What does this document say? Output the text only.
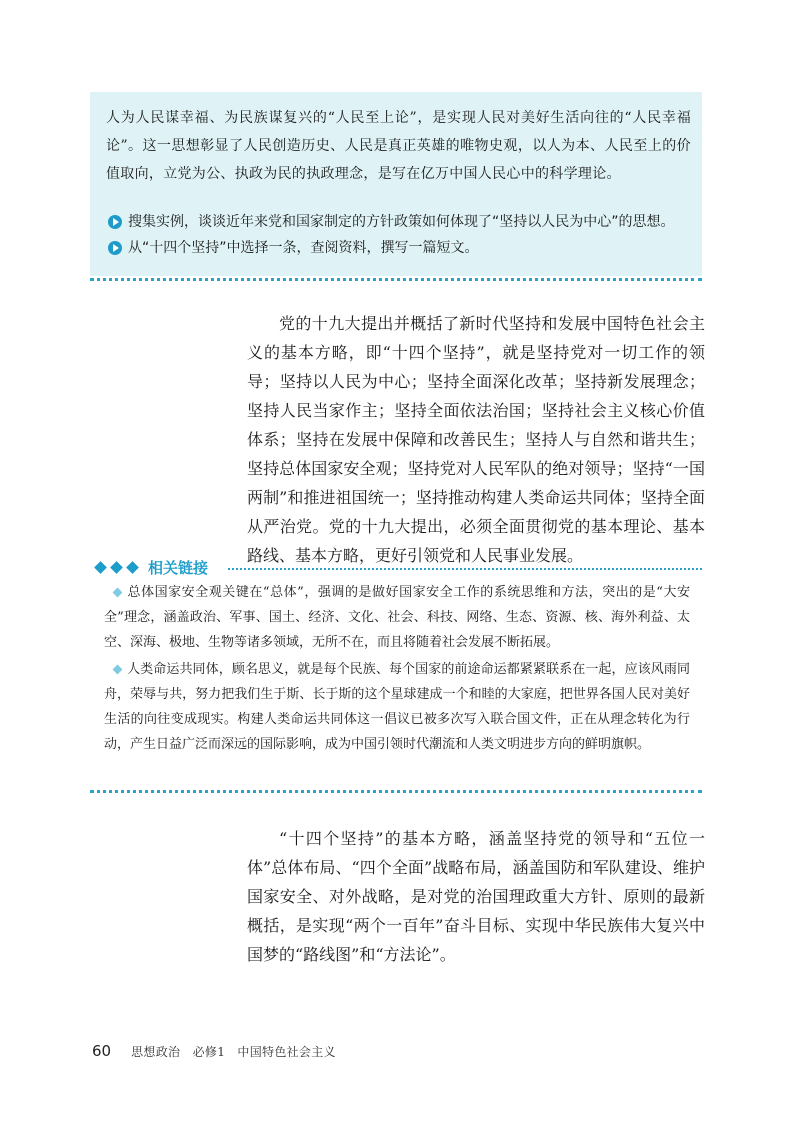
人为人民谋幸福、为民族谋复兴的“人民至上论”，是实现人民对美好生活向往的“人民幸福论”。这一思想彰显了人民创造历史、人民是真正英雄的唯物史观，以人为本、人民至上的价值取向，立党为公、执政为民的执政理念，是写在亿万中国人民心中的科学理论。
搜集实例，谈谈近年来党和国家制定的方针政策如何体现了“坚持以人民为中心”的思想。
从“十四个坚持”中选择一条，查阅资料，撰写一篇短文。

党的十九大提出并概括了新时代坚持和发展中国特色社会主义的基本方略，即“十四个坚持”，就是坚持党对一切工作的领导；坚持以人民为中心；坚持全面深化改革；坚持新发展理念；坚持人民当家作主；坚持全面依法治国；坚持社会主义核心价值体系；坚持在发展中保障和改善民生；坚持人与自然和谐共生；坚持总体国家安全观；坚持党对人民军队的绝对领导；坚持“一国两制”和推进祖国统一；坚持推动构建人类命运共同体；坚持全面从严治党。党的十九大提出，必须全面贯彻党的基本理论、基本路线、基本方略，更好引领党和人民事业发展。

相关链接

总体国家安全观关键在“总体”，强调的是做好国家安全工作的系统思维和方法，突出的是“大安全”理念，涵盖政治、军事、国土、经济、文化、社会、科技、网络、生态、资源、核、海外利益、太空、深海、极地、生物等诸多领域，无所不在，而且将随着社会发展不断拓展。

人类命运共同体，顾名思义，就是每个民族、每个国家的前途命运都紧紧联系在一起，应该风雨同舟，荣辱与共，努力把我们生于斯、长于斯的这个星球建成一个和睦的大家庭，把世界各国人民对美好生活的向往变成现实。构建人类命运共同体这一倡议已被多次写入联合国文件，正在从理念转化为行动，产生日益广泛而深远的国际影响，成为中国引领时代潮流和人类文明进步方向的鲜明旗帜。

“十四个坚持”的基本方略，涵盖坚持党的领导和“五位一体”总体布局、“四个全面”战略布局，涵盖国防和军队建设、维护国家安全、对外战略，是对党的治国理政重大方针、原则的最新概括，是实现“两个一百年”奋斗目标、实现中华民族伟大复兴中国梦的“路线图”和“方法论”。

60 思想政治　必修1　中国特色社会主义
